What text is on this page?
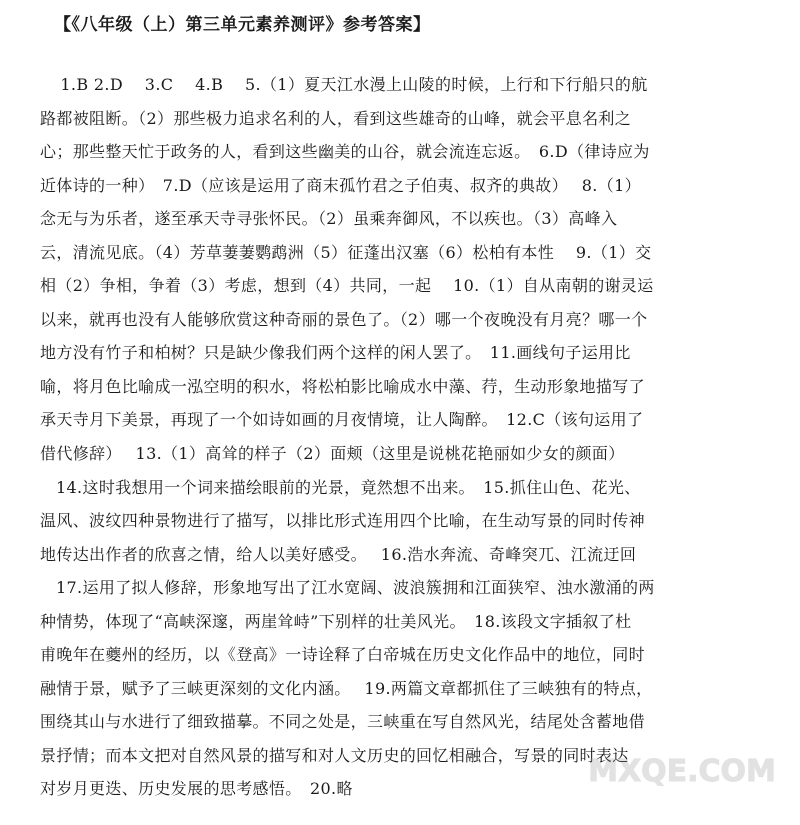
【《八年级（上）第三单元素养测评》参考答案】
　1.B 2.D　 3.C　 4.B　 5.（1）夏天江水漫上山陵的时候，上行和下行船只的航
路都被阻断。（2）那些极力追求名利的人，看到这些雄奇的山峰，就会平息名利之
心；那些整天忙于政务的人，看到这些幽美的山谷，就会流连忘返。　6.D（律诗应为
近体诗的一种）　7.D（应该是运用了商末孤竹君之子伯夷、叔齐的典故）　 8.（1）
念无与为乐者，遂至承天寺寻张怀民。（2）虽乘奔御风，不以疾也。（3）高峰入
云，清流见底。（4）芳草萋萋鹦鹉洲（5）征蓬出汉塞（6）松柏有本性　 9.（1）交
相（2）争相，争着（3）考虑，想到（4）共同，一起　 10.（1）自从南朝的谢灵运
以来，就再也没有人能够欣赏这种奇丽的景色了。（2）哪一个夜晚没有月亮？哪一个
地方没有竹子和柏树？只是缺少像我们两个这样的闲人罢了。　11.画线句子运用比
喻，将月色比喻成一泓空明的积水，将松柏影比喻成水中藻、荇，生动形象地描写了
承天寺月下美景，再现了一个如诗如画的月夜情境，让人陶醉。　12.C（该句运用了
借代修辞）　 13.（1）高耸的样子（2）面颊（这里是说桃花艳丽如少女的颜面）
14.这时我想用一个词来描绘眼前的光景，竟然想不出来。　15.抓住山色、花光、
温风、波纹四种景物进行了描写，以排比形式连用四个比喻，在生动写景的同时传神
地传达出作者的欣喜之情，给人以美好感受。　 16.浩水奔流、奇峰突兀、江流迂回
17.运用了拟人修辞，形象地写出了江水宽阔、波浪簇拥和江面狭窄、浊水激涌的两
种情势，体现了“高峡深邃，两崖耸峙”下别样的壮美风光。　18.该段文字插叙了杜
甫晚年在夔州的经历，以《登高》一诗诠释了白帝城在历史文化作品中的地位，同时
融情于景，赋予了三峡更深刻的文化内涵。　 19.两篇文章都抓住了三峡独有的特点，
围绕其山与水进行了细致描摹。不同之处是，三峡重在写自然风光，结尾处含蓄地借
景抒情；而本文把对自然风景的描写和对人文历史的回忆相融合，写景的同时表达
对岁月更迭、历史发展的思考感悟。　20.略	MXQE.COM
